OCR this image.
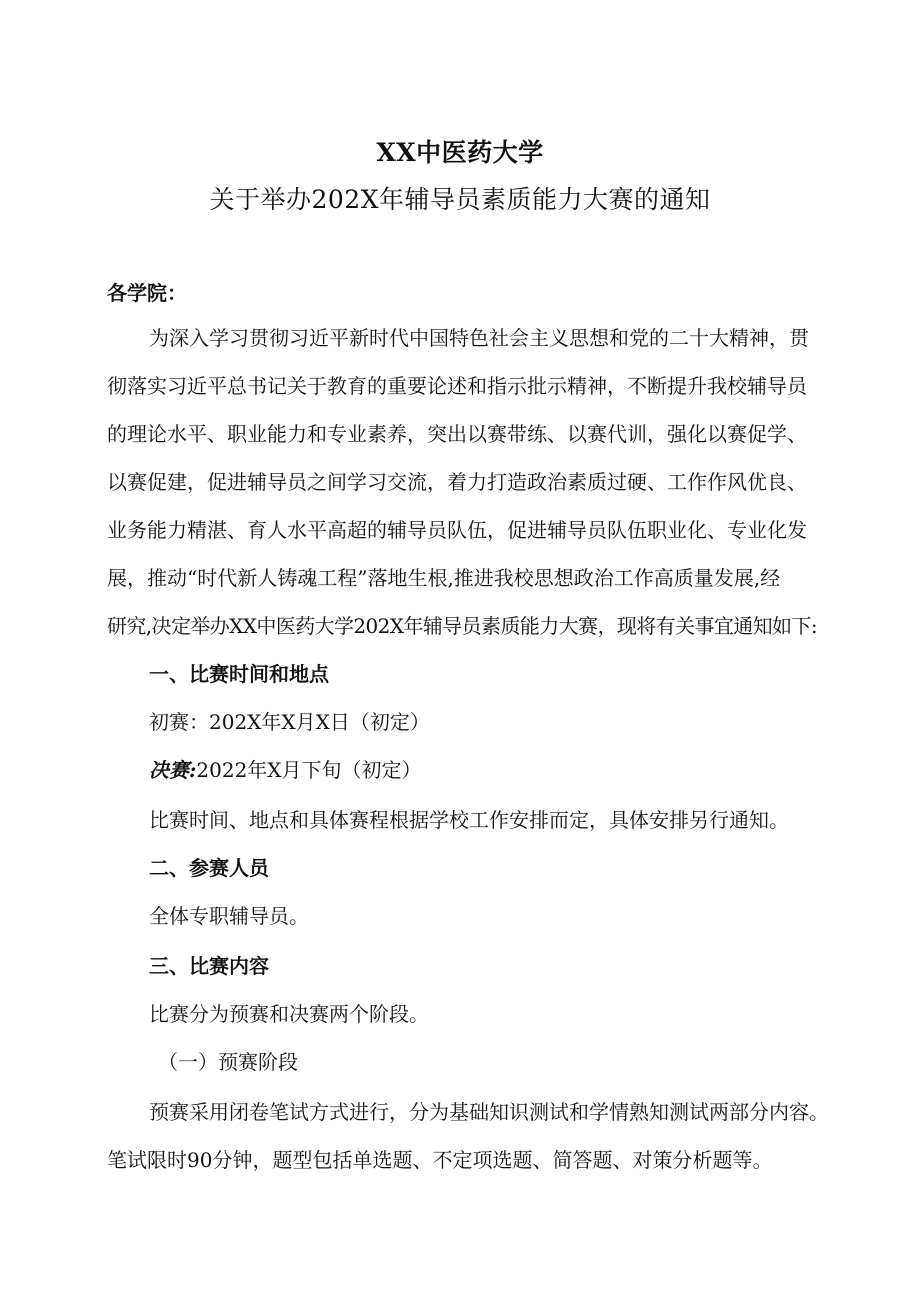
XX中医药大学
关于举办202X年辅导员素质能力大赛的通知
各学院：
为深入学习贯彻习近平新时代中国特色社会主义思想和党的二十大精神，贯
彻落实习近平总书记关于教育的重要论述和指示批示精神，不断提升我校辅导员
的理论水平、职业能力和专业素养，突出以赛带练、以赛代训，强化以赛促学、
以赛促建，促进辅导员之间学习交流，着力打造政治素质过硬、工作作风优良、
业务能力精湛、育人水平高超的辅导员队伍，促进辅导员队伍职业化、专业化发
展，推动“时代新人铸魂工程”落地生根,推进我校思想政治工作高质量发展,经
研究,决定举办XX中医药大学202X年辅导员素质能力大赛，现将有关事宜通知如下:
一、比赛时间和地点
初赛：202X年X月X日（初定）
决赛:2022年X月下旬（初定）
比赛时间、地点和具体赛程根据学校工作安排而定，具体安排另行通知。
二、参赛人员
全体专职辅导员。
三、比赛内容
比赛分为预赛和决赛两个阶段。
（一）预赛阶段
预赛采用闭卷笔试方式进行，分为基础知识测试和学情熟知测试两部分内容。
笔试限时90分钟，题型包括单选题、不定项选题、简答题、对策分析题等。
